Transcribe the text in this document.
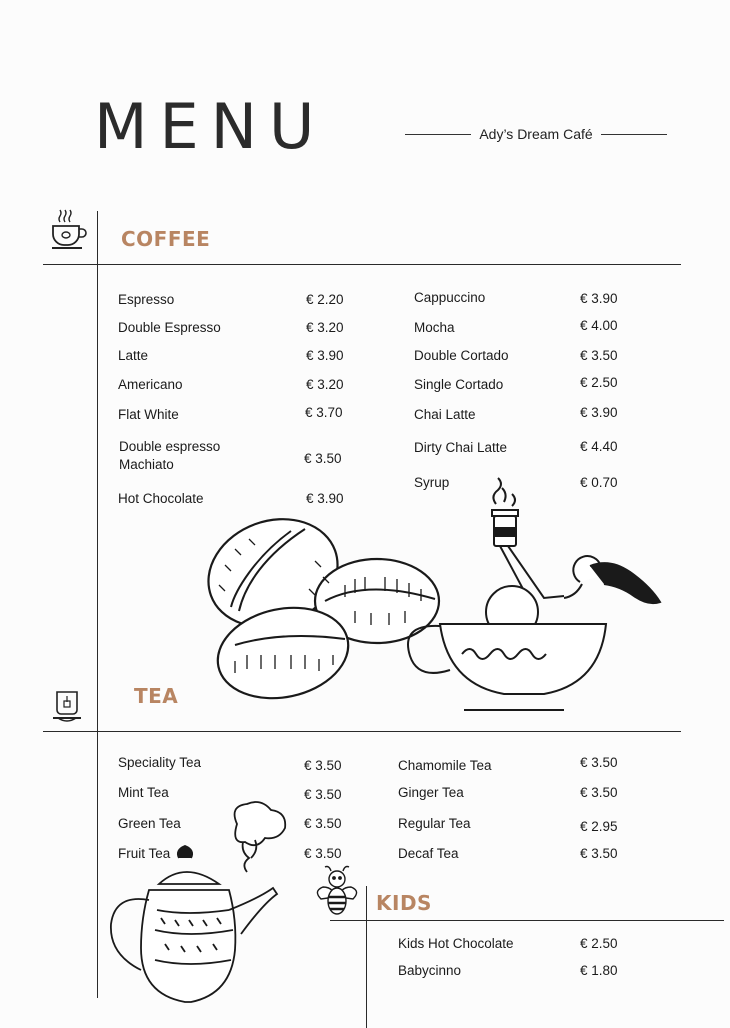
MENU	Ady’s Dream Café
COFFEE
Espresso	€ 2.20
Double Espresso	€ 3.20
Latte	€ 3.90
Americano	€ 3.20
Flat White	€ 3.70
Double espresso Machiato	€ 3.50
Hot Chocolate	€ 3.90
Cappuccino	€ 3.90
Mocha	€ 4.00
Double Cortado	€ 3.50
Single Cortado	€ 2.50
Chai Latte	€ 3.90
Dirty Chai Latte	€ 4.40
Syrup	€ 0.70
TEA
Speciality Tea	€ 3.50
Mint Tea	€ 3.50
Green Tea	€ 3.50
Fruit Tea	€ 3.50
Chamomile Tea	€ 3.50
Ginger Tea	€ 3.50
Regular Tea	€ 2.95
Decaf Tea	€ 3.50
KIDS
Kids Hot Chocolate	€ 2.50
Babycinno	€ 1.80
